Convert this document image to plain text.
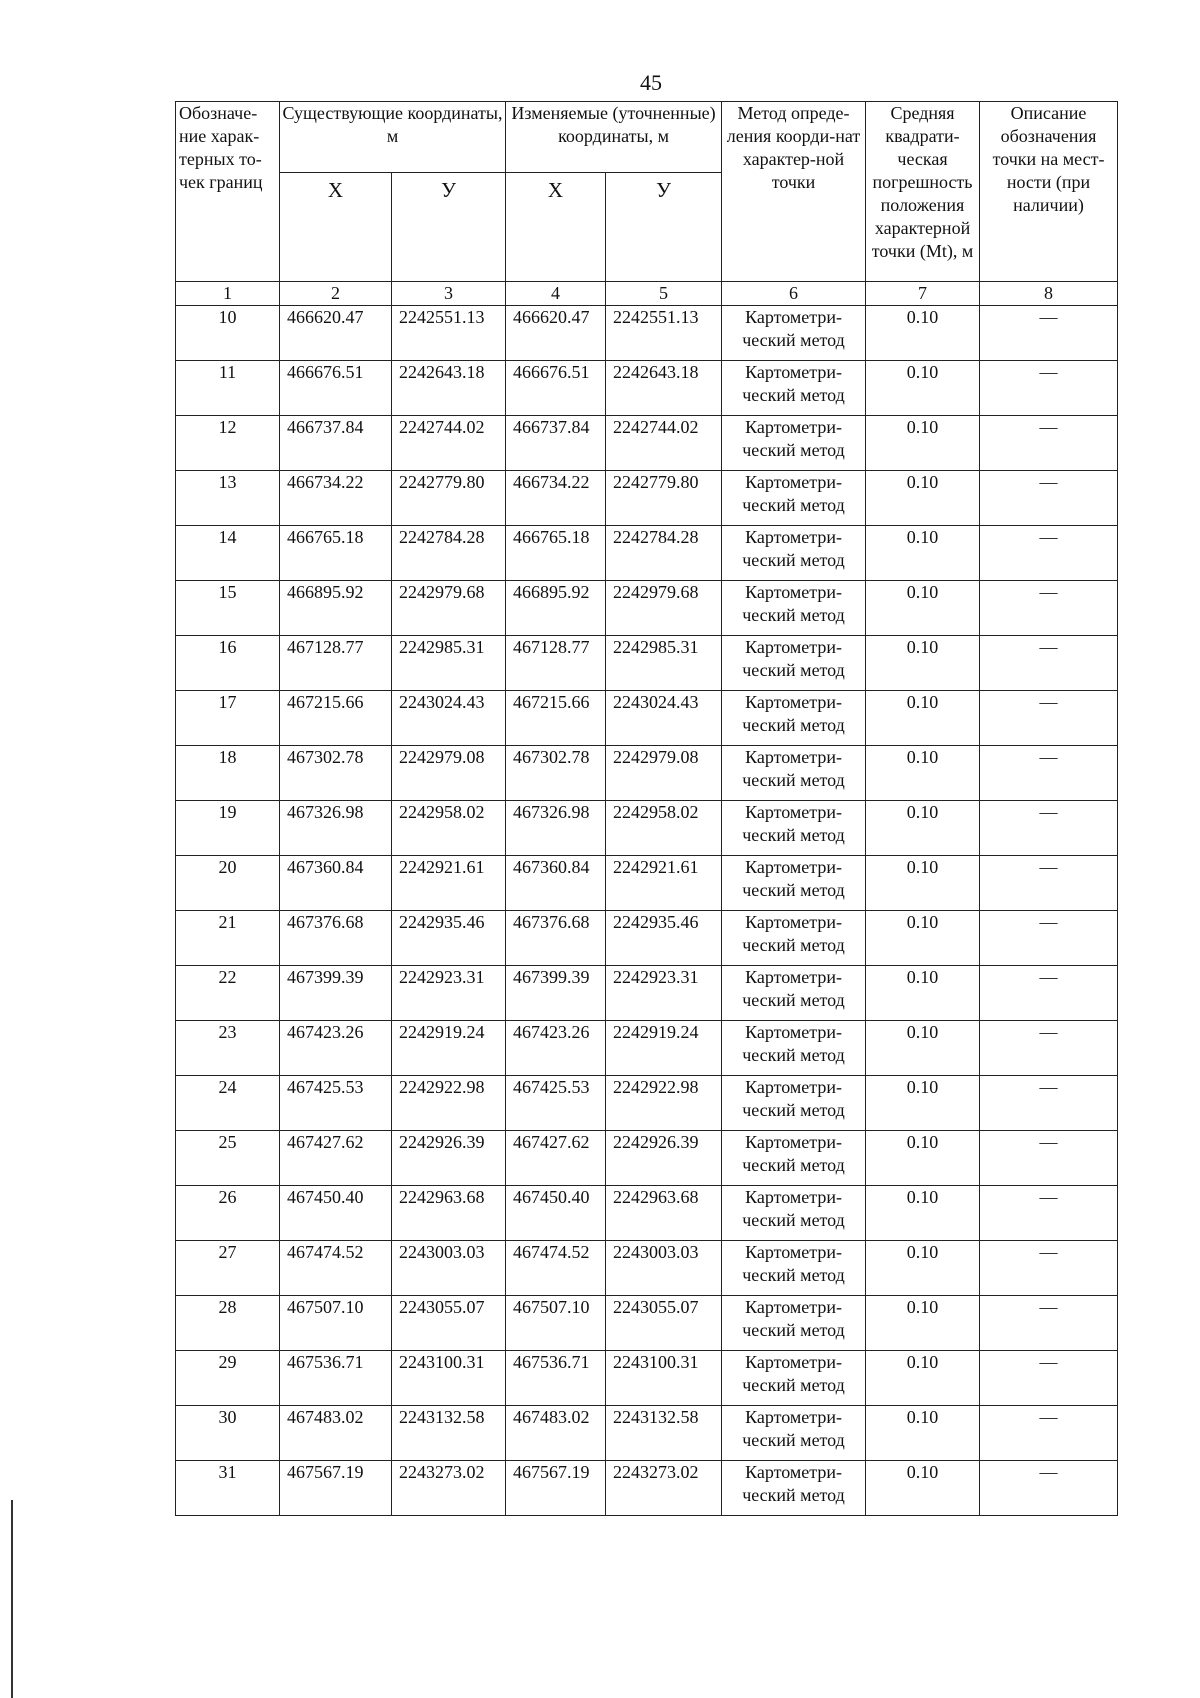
45
Обозначе-ние харак-терных то-чек границ	Существующие координаты, м		Изменяемые (уточненные) координаты, м		Метод опреде-ления коорди-нат характер-ной точки	Средняя квадрати-ческая погрешность положения характерной точки (Mt), м	Описание обозначения точки на мест-ности (при наличии)
	X	У	X	У			
1	2	3	4	5	6	7	8
10	466620.47	2242551.13	466620.47	2242551.13	Картометри-ческий метод	0.10	—
11	466676.51	2242643.18	466676.51	2242643.18	Картометри-ческий метод	0.10	—
12	466737.84	2242744.02	466737.84	2242744.02	Картометри-ческий метод	0.10	—
13	466734.22	2242779.80	466734.22	2242779.80	Картометри-ческий метод	0.10	—
14	466765.18	2242784.28	466765.18	2242784.28	Картометри-ческий метод	0.10	—
15	466895.92	2242979.68	466895.92	2242979.68	Картометри-ческий метод	0.10	—
16	467128.77	2242985.31	467128.77	2242985.31	Картометри-ческий метод	0.10	—
17	467215.66	2243024.43	467215.66	2243024.43	Картометри-ческий метод	0.10	—
18	467302.78	2242979.08	467302.78	2242979.08	Картометри-ческий метод	0.10	—
19	467326.98	2242958.02	467326.98	2242958.02	Картометри-ческий метод	0.10	—
20	467360.84	2242921.61	467360.84	2242921.61	Картометри-ческий метод	0.10	—
21	467376.68	2242935.46	467376.68	2242935.46	Картометри-ческий метод	0.10	—
22	467399.39	2242923.31	467399.39	2242923.31	Картометри-ческий метод	0.10	—
23	467423.26	2242919.24	467423.26	2242919.24	Картометри-ческий метод	0.10	—
24	467425.53	2242922.98	467425.53	2242922.98	Картометри-ческий метод	0.10	—
25	467427.62	2242926.39	467427.62	2242926.39	Картометри-ческий метод	0.10	—
26	467450.40	2242963.68	467450.40	2242963.68	Картометри-ческий метод	0.10	—
27	467474.52	2243003.03	467474.52	2243003.03	Картометри-ческий метод	0.10	—
28	467507.10	2243055.07	467507.10	2243055.07	Картометри-ческий метод	0.10	—
29	467536.71	2243100.31	467536.71	2243100.31	Картометри-ческий метод	0.10	—
30	467483.02	2243132.58	467483.02	2243132.58	Картометри-ческий метод	0.10	—
31	467567.19	2243273.02	467567.19	2243273.02	Картометри-ческий метод	0.10	—
